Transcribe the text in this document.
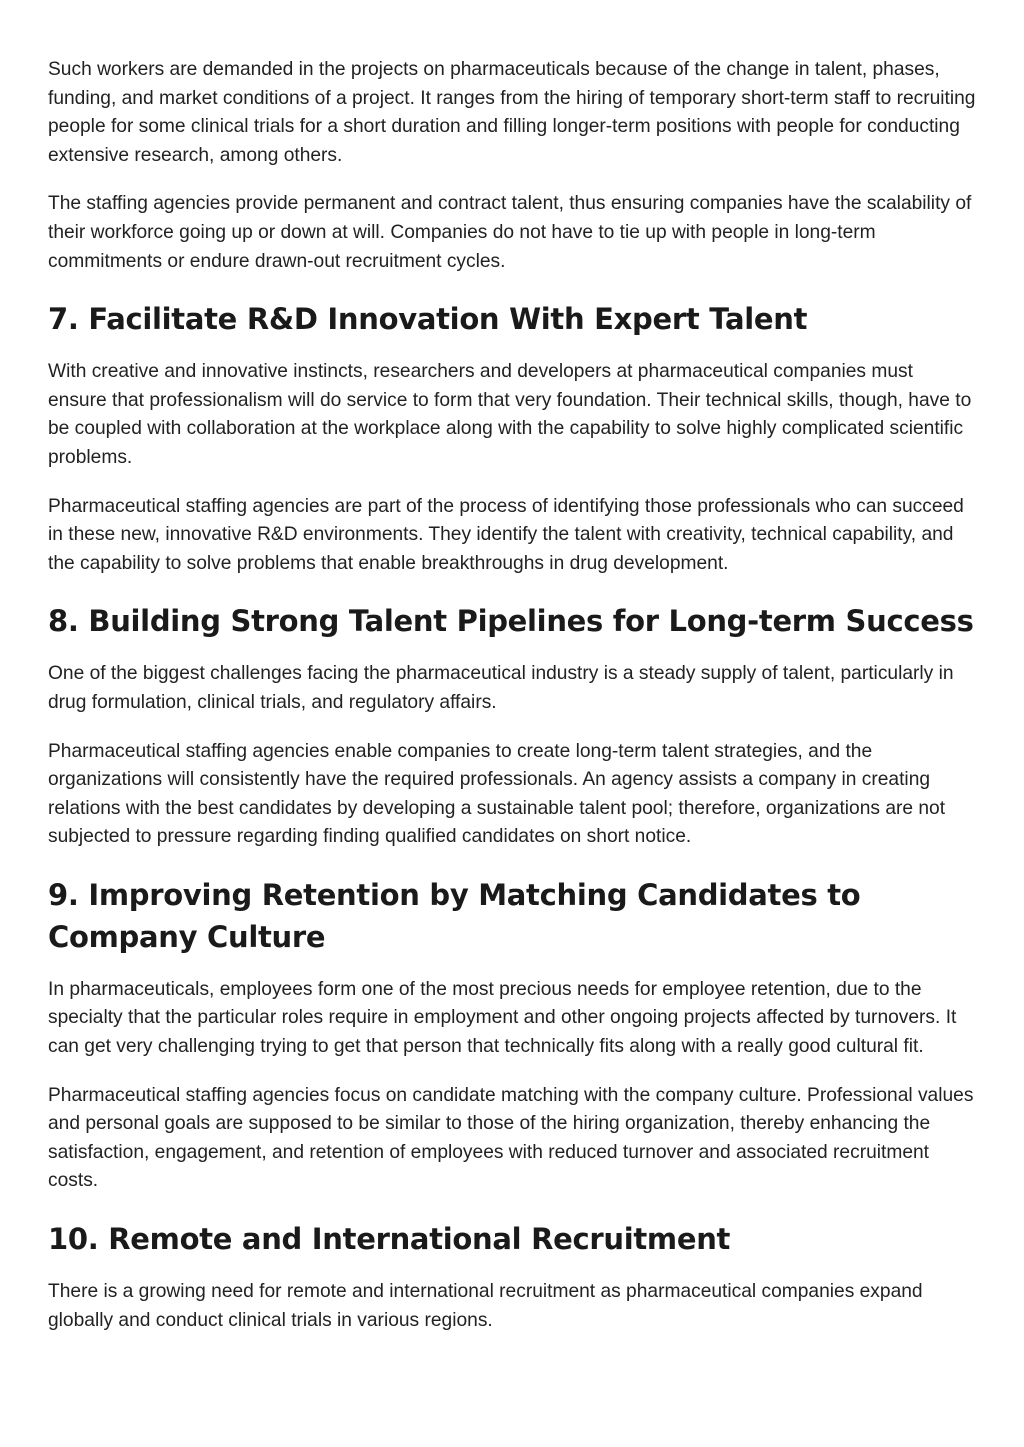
Such workers are demanded in the projects on pharmaceuticals because of the change in talent, phases, funding, and market conditions of a project. It ranges from the hiring of temporary short-term staff to recruiting people for some clinical trials for a short duration and filling longer-term positions with people for conducting extensive research, among others.

The staffing agencies provide permanent and contract talent, thus ensuring companies have the scalability of their workforce going up or down at will. Companies do not have to tie up with people in long-term commitments or endure drawn-out recruitment cycles.

7. Facilitate R&D Innovation With Expert Talent

With creative and innovative instincts, researchers and developers at pharmaceutical companies must ensure that professionalism will do service to form that very foundation. Their technical skills, though, have to be coupled with collaboration at the workplace along with the capability to solve highly complicated scientific problems.

Pharmaceutical staffing agencies are part of the process of identifying those professionals who can succeed in these new, innovative R&D environments. They identify the talent with creativity, technical capability, and the capability to solve problems that enable breakthroughs in drug development.

8. Building Strong Talent Pipelines for Long-term Success

One of the biggest challenges facing the pharmaceutical industry is a steady supply of talent, particularly in drug formulation, clinical trials, and regulatory affairs.

Pharmaceutical staffing agencies enable companies to create long-term talent strategies, and the organizations will consistently have the required professionals. An agency assists a company in creating relations with the best candidates by developing a sustainable talent pool; therefore, organizations are not subjected to pressure regarding finding qualified candidates on short notice.

9. Improving Retention by Matching Candidates to Company Culture

In pharmaceuticals, employees form one of the most precious needs for employee retention, due to the specialty that the particular roles require in employment and other ongoing projects affected by turnovers. It can get very challenging trying to get that person that technically fits along with a really good cultural fit.

Pharmaceutical staffing agencies focus on candidate matching with the company culture. Professional values and personal goals are supposed to be similar to those of the hiring organization, thereby enhancing the satisfaction, engagement, and retention of employees with reduced turnover and associated recruitment costs.

10. Remote and International Recruitment

There is a growing need for remote and international recruitment as pharmaceutical companies expand globally and conduct clinical trials in various regions.
